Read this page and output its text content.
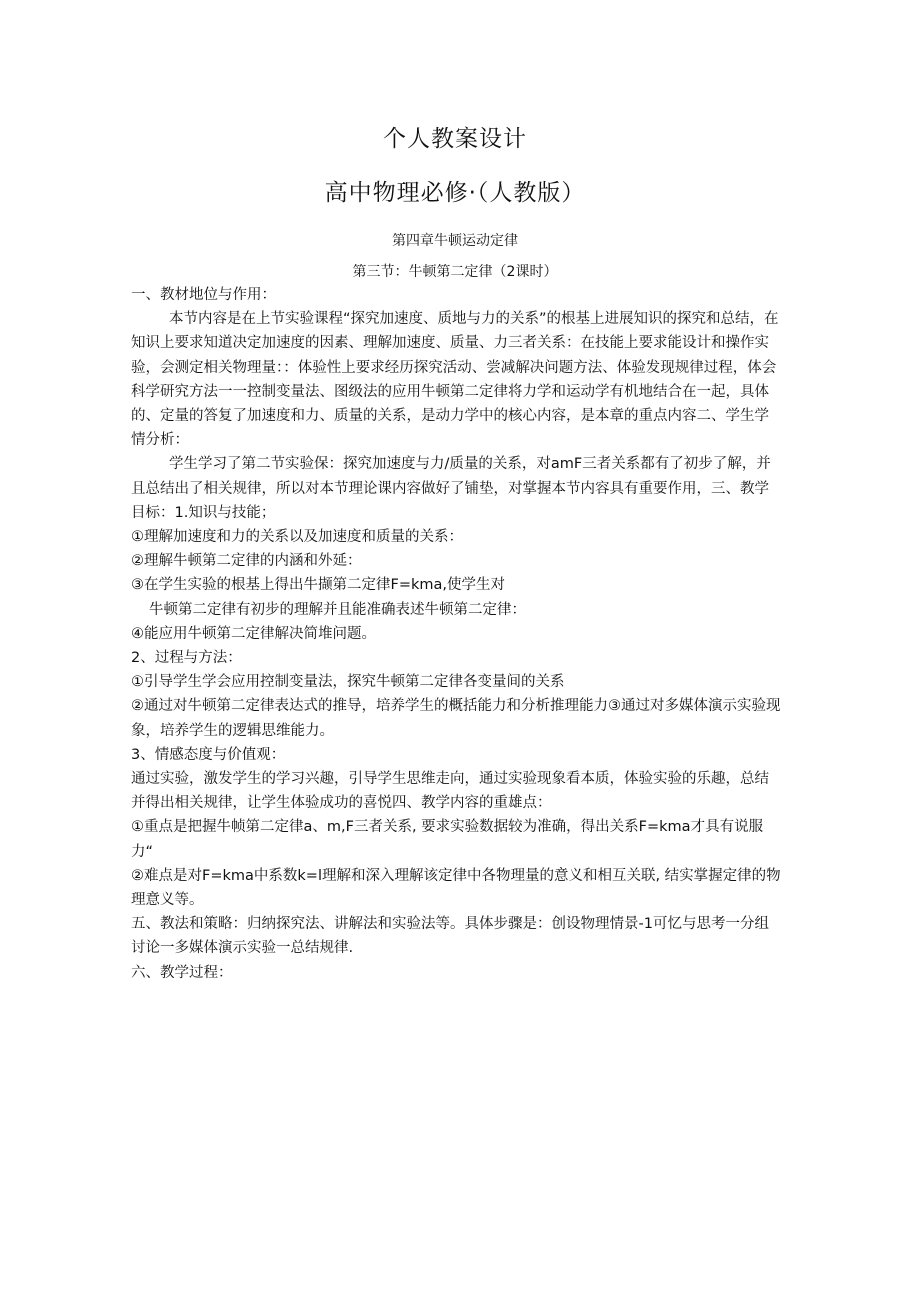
个人教案设计
高中物理必修·（人教版）
第四章牛顿运动定律
第三节：牛顿第二定律（2课时）

一、教材地位与作用：

本节内容是在上节实验课程“探究加速度、质地与力的关系”的根基上进展知识的探究和总结，在知识上要求知道决定加速度的因素、理解加速度、质量、力三者关系：在技能上要求能设计和操作实验，会测定相关物理量：：体验性上要求经历探究活动、尝减解决问题方法、体验发现规律过程，体会科学研究方法一一控制变量法、图级法的应用牛顿第二定律将力学和运动学有机地结合在一起，具体的、定量的答复了加速度和力、质量的关系，是动力学中的核心内容，是本章的重点内容二、学生学情分析：

学生学习了第二节实验保：探究加速度与力/质量的关系，对amF三者关系都有了初步了解，并且总结出了相关规律，所以对本节理论课内容做好了铺垫，对掌握本节内容具有重要作用，三、教学目标：1.知识与技能；

①理解加速度和力的关系以及加速度和质量的关系：

②理解牛顿第二定律的内涵和外延：

③在学生实验的根基上得出牛撷第二定律F=kma,使学生对

牛顿第二定律有初步的理解并且能准确表述牛顿第二定律：

④能应用牛顿第二定律解决简堆问题。

2、过程与方法：

①引导学生学会应用控制变量法，探究牛顿第二定律各变量间的关系

②通过对牛顿第二定律表达式的推导，培养学生的概括能力和分析推理能力③通过对多媒体演示实验现象，培养学生的逻辑思维能力。

3、情感态度与价值观：

通过实验，激发学生的学习兴趣，引导学生思维走向，通过实验现象看本质，体验实验的乐趣，总结并得出相关规律，让学生体验成功的喜悦四、教学内容的重雄点：

①重点是把握牛帧第二定律a、m,F三者关系, 要求实验数据较为准确，得出关系F=kma才具有说服力“

②难点是对F=kma中系数k=l理解和深入理解该定律中各物理量的意义和相互关联, 结实掌握定律的物理意义等。

五、教法和策略：归纳探究法、讲解法和实验法等。具体步骤是：创设物理情景-1可忆与思考一分组讨论一多媒体演示实验一总结规律.

六、教学过程：
